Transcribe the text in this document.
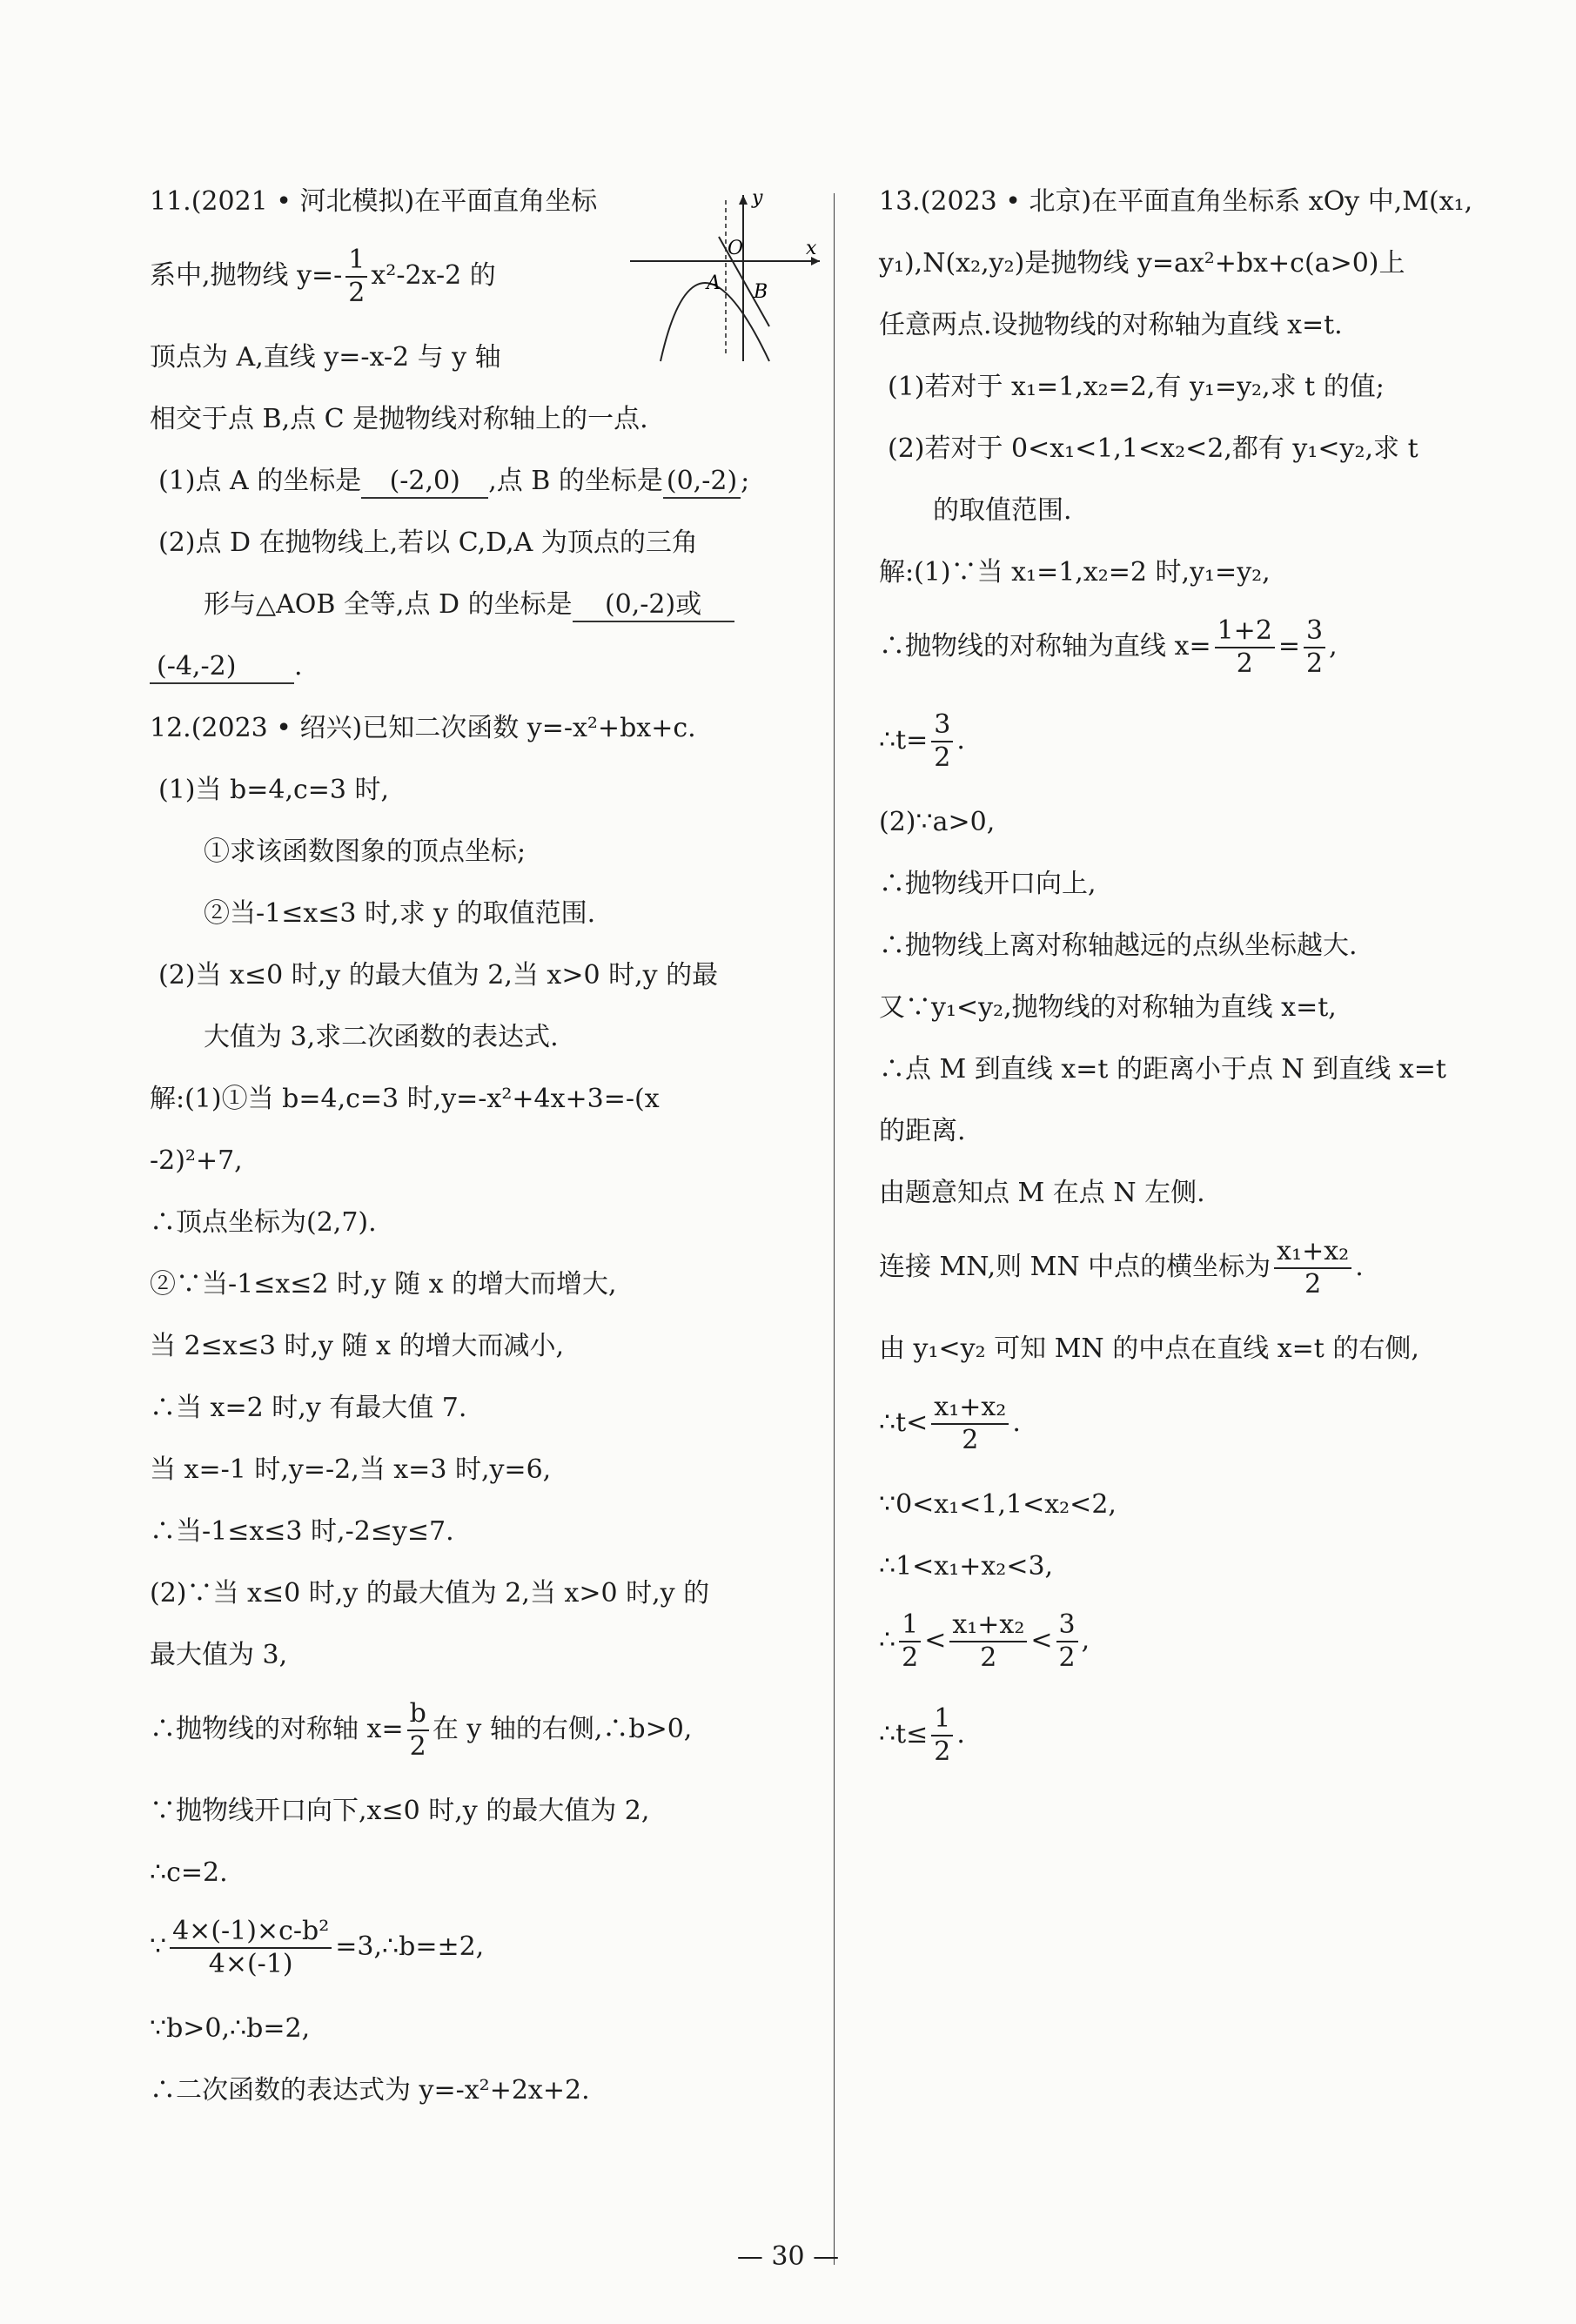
11.(2021 • 河北模拟)在平面直角坐标
系中,抛物线 $y=- \frac{1}{2} x^2-2x-2$ 的
顶点为 A,直线 y=-x-2 与 y 轴
相交于点 B,点 C 是抛物线对称轴上的一点.
(1)点 A 的坐标是 (-2,0) ,点 B 的坐标是 (0,-2) ;
(2)点 D 在抛物线上,若以 C,D,A 为顶点的三角
形与△AOB 全等,点 D 的坐标是 (0,-2)或
(-4,-2) .
y
x
O
A B
12.(2023 • 绍兴)已知二次函数 y=-x²+bx+c.
(1)当 b=4,c=3 时,
①求该函数图象的顶点坐标;
②当-1≤x≤3 时,求 y 的取值范围.
(2)当 x≤0 时,y 的最大值为 2,当 x>0 时,y 的最
大值为 3,求二次函数的表达式.
解:(1)①当 b=4,c=3 时,y=-x²+4x+3=-(x
-2)²+7,
∴顶点坐标为(2,7).
②∵当-1≤x≤2 时,y 随 x 的增大而增大,
当 2≤x≤3 时,y 随 x 的增大而减小,
∴当 x=2 时,y 有最大值 7.
当 x=-1 时,y=-2,当 x=3 时,y=6,
∴当-1≤x≤3 时,-2≤y≤7.
(2)∵当 x≤0 时,y 的最大值为 2,当 x>0 时,y 的
最大值为 3,
∴抛物线的对称轴 $x= \frac{b}{2}$ 在 y 轴的右侧,∴b>0,
∵抛物线开口向下,x≤0 时,y 的最大值为 2,
∴c=2.
∵ $\frac{\text{4×(-1)×c-b²}}{4\times(-1)}$ =3,∴b=±2,
∵b>0,∴b=2,
∴二次函数的表达式为 y=-x²+2x+2.
13.(2023 • 北京)在平面直角坐标系 xOy 中,M(x₁,
y₁),N(x₂,y₂)是抛物线 y=ax²+bx+c(a>0)上
任意两点.设抛物线的对称轴为直线 x=t.
(1)若对于 x₁=1,x₂=2,有 y₁=y₂,求 t 的值;
(2)若对于 0<x₁<1,1<x₂<2,都有 y₁<y₂,求 t
的取值范围.
解:(1)∵当 x₁=1,x₂=2 时,y₁=y₂,
∴抛物线的对称轴为直线 $x= \frac{1+2}{2} = \frac{3}{2}$ ,
∴t= $\frac{3}{2}$ .
(2)∵a>0,
∴抛物线开口向上,
∴抛物线上离对称轴越远的点纵坐标越大.
又∵y₁<y₂,抛物线的对称轴为直线 x=t,
∴点 M 到直线 x=t 的距离小于点 N 到直线 x=t
的距离.
由题意知点 M 在点 N 左侧.
连接 MN,则 MN 中点的横坐标为 $\frac{\text{x₁+x₂}}{2}$ .
由 y₁<y₂ 可知 MN 的中点在直线 x=t 的右侧,
∴t< $\frac{\text{x₁+x₂}}{2}$ .
∵0<x₁<1,1<x₂<2,
∴1<x₁+x₂<3,
∴ $\frac{1}{2} < \frac{\text{x₁+x₂}}{2} < \frac{3}{2}$ ,
∴t≤ $\frac{1}{2}$ .
— 30 —
